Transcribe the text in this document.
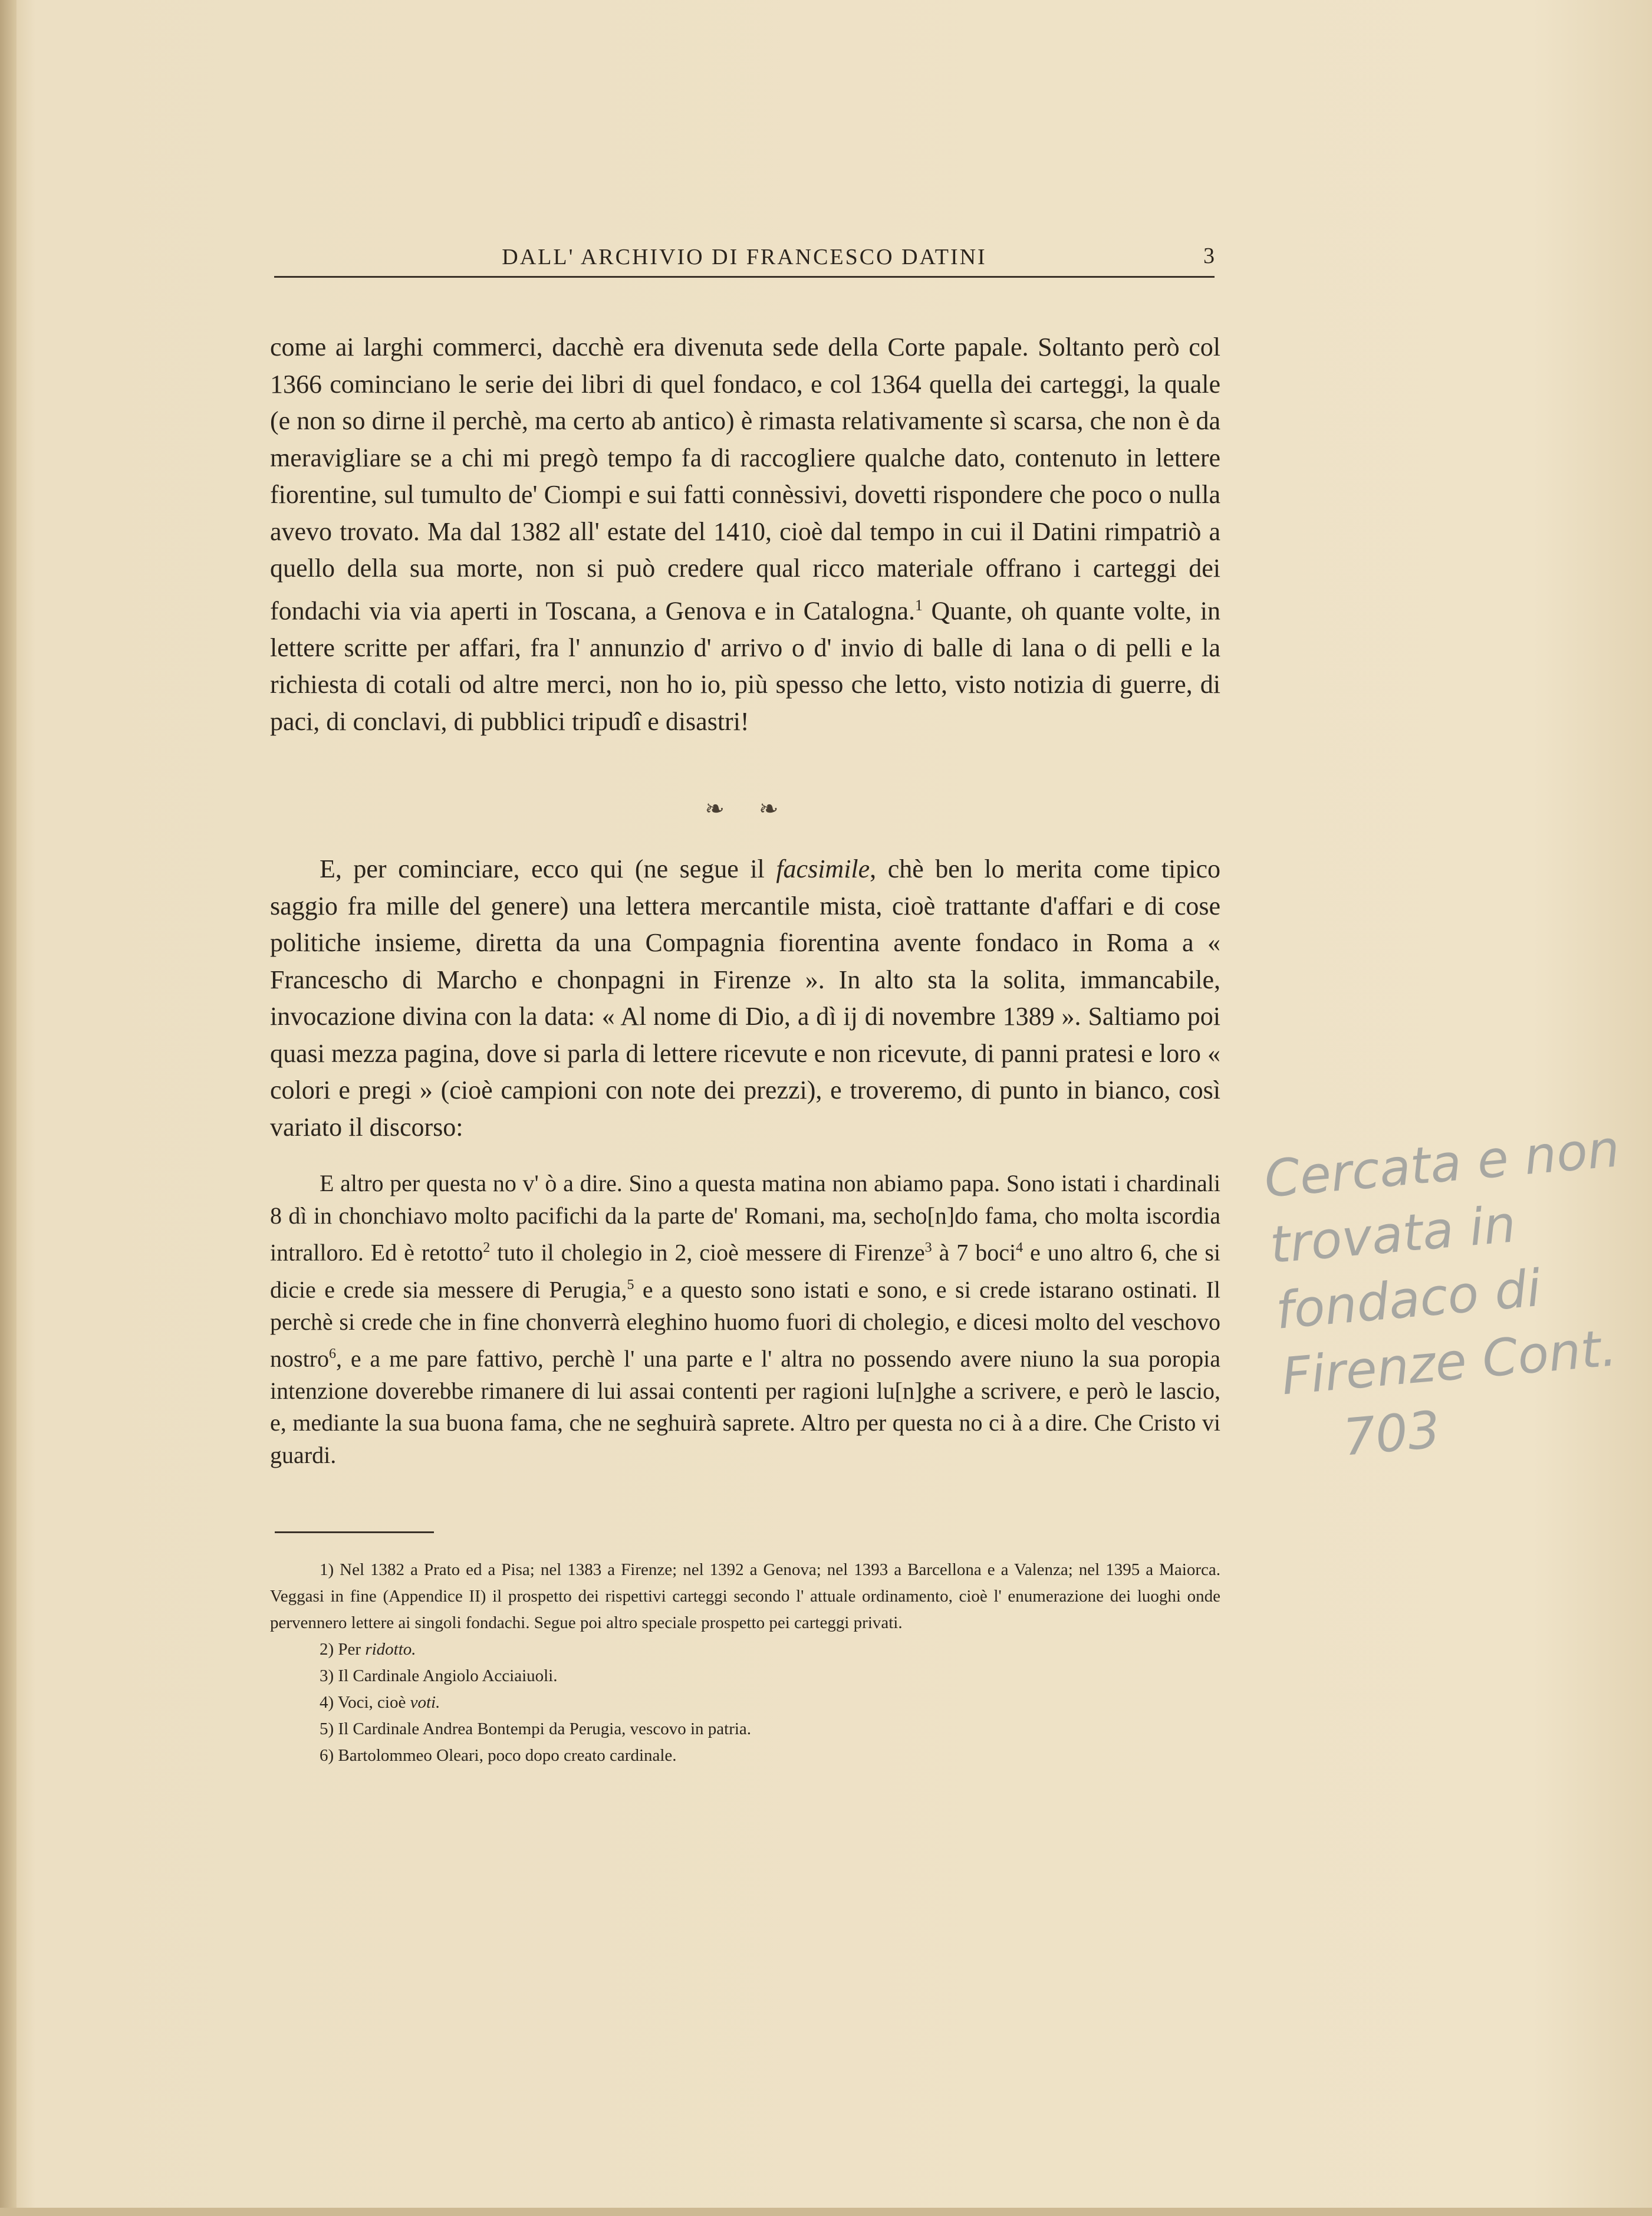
DALL' ARCHIVIO DI FRANCESCO DATINI	3

come ai larghi commerci, dacchè era divenuta sede della Corte papale. Soltanto però col 1366 cominciano le serie dei libri di quel fondaco, e col 1364 quella dei carteggi, la quale (e non so dirne il perchè, ma certo ab antico) è rimasta relativamente sì scarsa, che non è da meravigliare se a chi mi pregò tempo fa di raccogliere qualche dato, contenuto in lettere fiorentine, sul tumulto de' Ciompi e sui fatti connèssivi, dovetti rispondere che poco o nulla avevo trovato. Ma dal 1382 all' estate del 1410, cioè dal tempo in cui il Datini rimpatriò a quello della sua morte, non si può credere qual ricco materiale offrano i carteggi dei fondachi via via aperti in Toscana, a Genova e in Catalogna.$^1$ Quante, oh quante volte, in lettere scritte per affari, fra l' annunzio d' arrivo o d' invio di balle di lana o di pelli e la richiesta di cotali od altre merci, non ho io, più spesso che letto, visto notizia di guerre, di paci, di conclavi, di pubblici tripudî e disastri!

❧ ❧

E, per cominciare, ecco qui (ne segue il facsimile, chè ben lo merita come tipico saggio fra mille del genere) una lettera mercantile mista, cioè trattante d'affari e di cose politiche insieme, diretta da una Compagnia fiorentina avente fondaco in Roma a « Franceschо di Marcho e chonpagni in Firenze ». In alto sta la solita, immancabile, invocazione divina con la data: « Al nome di Dio, a dì ij di novembre 1389 ». Saltiamo poi quasi mezza pagina, dove si parla di lettere ricevute e non ricevute, di panni pratesi e loro « colori e pregi » (cioè campioni con note dei prezzi), e troveremo, di punto in bianco, così variato il discorso:

E altro per questa no v' ò a dire. Sino a questa matina non abiamo papa. Sono istati i chardinali 8 dì in chonchiavo molto pacifichi da la parte de' Romani, ma, secho[n]do fama, cho molta iscordia intralloro. Ed è retotto$^2$ tuto il cholegio in 2, cioè messere di Firenze$^3$ à 7 boci$^4$ e uno altro 6, che si dicie e crede sia messere di Perugia,$^5$ e a questo sono istati e sono, e si crede istarano ostinati. Il perchè si crede che in fine chonverrà eleghino huomo fuori di cholegio, e dicesi molto del veschovo nostro$^6$, e a me pare fattivo, perchè l' una parte e l' altra no possendo avere niuno la sua poropia intenzione doverebbe rimanere di lui assai contenti per ragioni lu[n]ghe a scrivere, e però le lascio, e, mediante la sua buona fama, che ne seghuirà saprete. Altro per questa no ci à a dire. Che Cristo vi guardi.

1) Nel 1382 a Prato ed a Pisa; nel 1383 a Firenze; nel 1392 a Genova; nel 1393 a Barcellona e a Valenza; nel 1395 a Maiorca. Veggasi in fine (Appendice II) il prospetto dei rispettivi carteggi secondo l' attuale ordinamento, cioè l' enumerazione dei luoghi onde pervennero lettere ai singoli fondachi. Segue poi altro speciale prospetto pei carteggi privati.

2) Per ridotto.

3) Il Cardinale Angiolo Acciaiuoli.

4) Voci, cioè voti.

5) Il Cardinale Andrea Bontempi da Perugia, vescovo in patria.

6) Bartolommeo Oleari, poco dopo creato cardinale.

Cercata e non
trovata in
fondaco di
Firenze Cont.
703
